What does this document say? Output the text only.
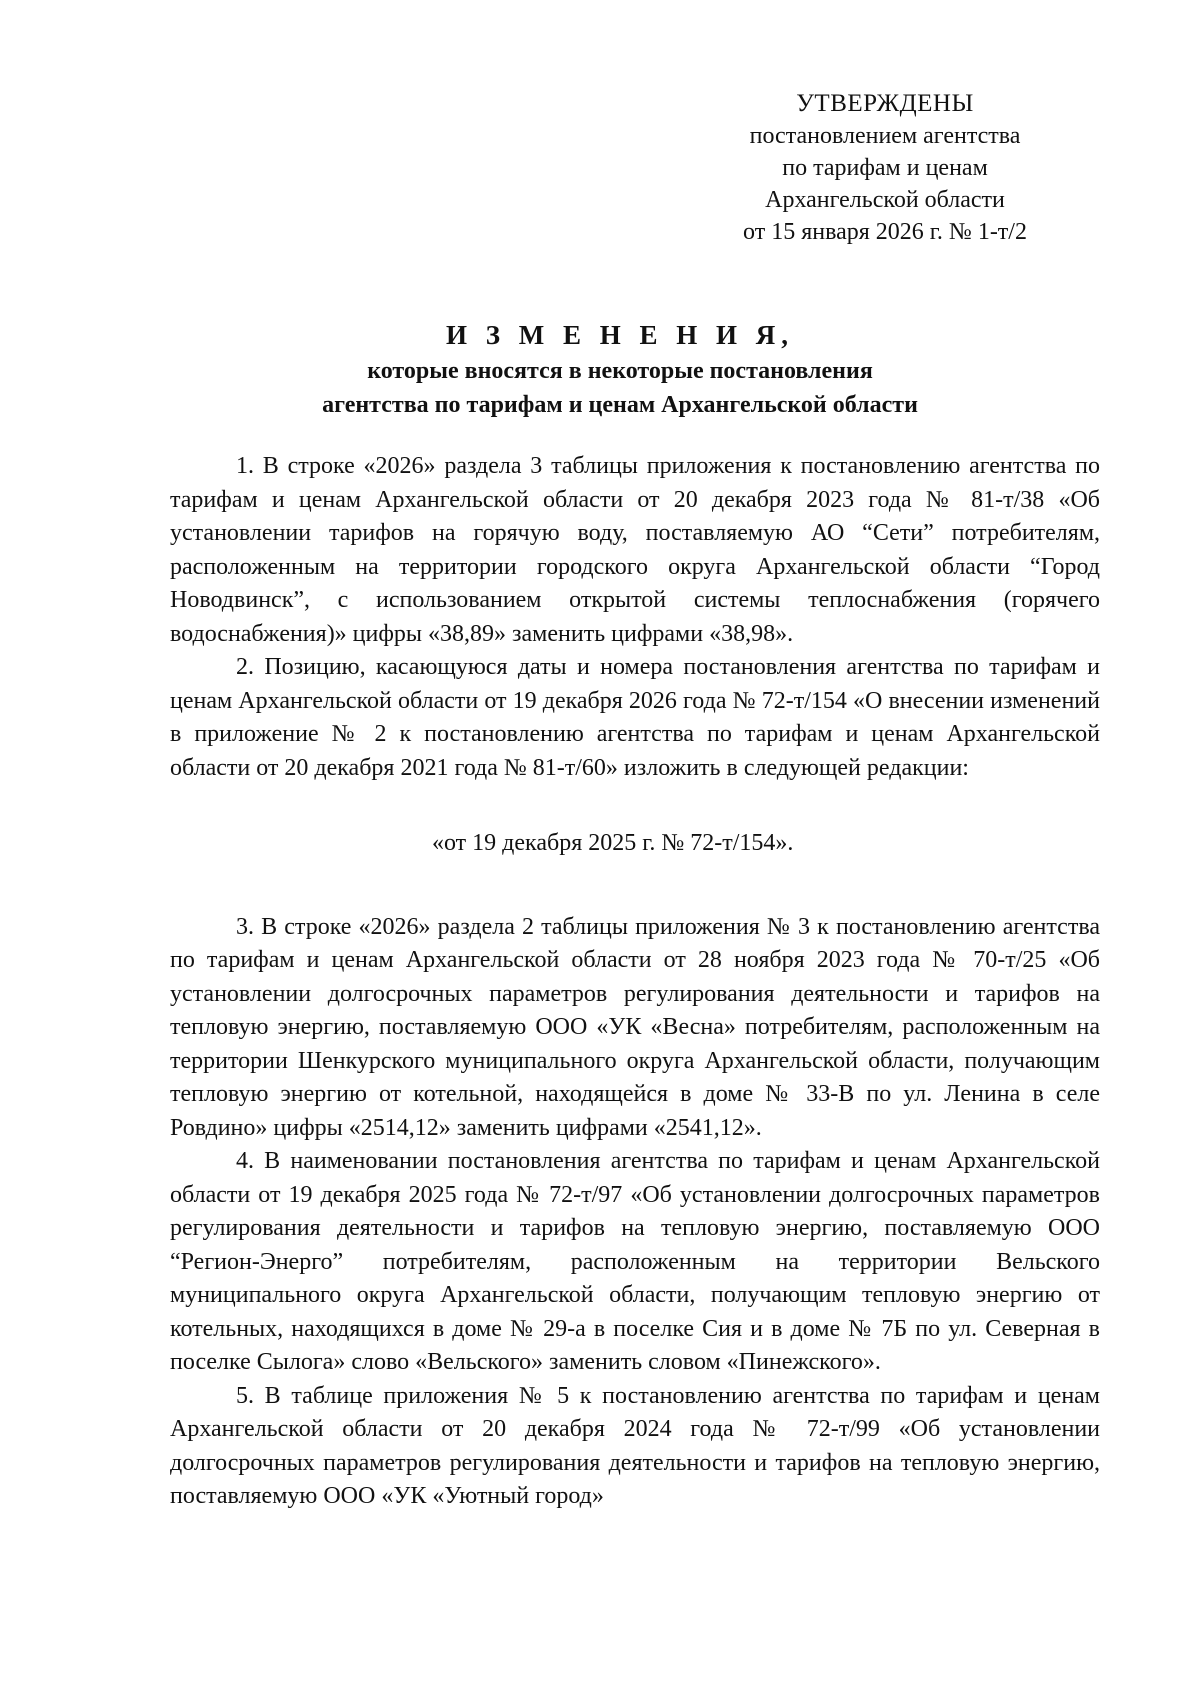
УТВЕРЖДЕНЫ
постановлением агентства
по тарифам и ценам
Архангельской области
от 15 января 2026 г. № 1-т/2
И З М Е Н Е Н И Я,
которые вносятся в некоторые постановления
агентства по тарифам и ценам Архангельской области

1. В строке «2026» раздела 3 таблицы приложения к постановлению агентства по тарифам и ценам Архангельской области от 20 декабря 2023 года № 81-т/38 «Об установлении тарифов на горячую воду, поставляемую АО “Сети” потребителям, расположенным на территории городского округа Архангельской области “Город Новодвинск”, с использованием открытой системы теплоснабжения (горячего водоснабжения)» цифры «38,89» заменить цифрами «38,98».

2. Позицию, касающуюся даты и номера постановления агентства по тарифам и ценам Архангельской области от 19 декабря 2026 года № 72-т/154 «О внесении изменений в приложение № 2 к постановлению агентства по тарифам и ценам Архангельской области от 20 декабря 2021 года № 81-т/60» изложить в следующей редакции:

«от 19 декабря 2025 г. № 72-т/154».

3. В строке «2026» раздела 2 таблицы приложения № 3 к постановлению агентства по тарифам и ценам Архангельской области от 28 ноября 2023 года № 70-т/25 «Об установлении долгосрочных параметров регулирования деятельности и тарифов на тепловую энергию, поставляемую ООО «УК «Весна» потребителям, расположенным на территории Шенкурского муниципального округа Архангельской области, получающим тепловую энергию от котельной, находящейся в доме № 33-В по ул. Ленина в селе Ровдино» цифры «2514,12» заменить цифрами «2541,12».

4. В наименовании постановления агентства по тарифам и ценам Архангельской области от 19 декабря 2025 года № 72-т/97 «Об установлении долгосрочных параметров регулирования деятельности и тарифов на тепловую энергию, поставляемую ООО “Регион-Энерго” потребителям, расположенным на территории Вельского муниципального округа Архангельской области, получающим тепловую энергию от котельных, находящихся в доме № 29-а в поселке Сия и в доме № 7Б по ул. Северная в поселке Сылога» слово «Вельского» заменить словом «Пинежского».

5. В таблице приложения № 5 к постановлению агентства по тарифам и ценам Архангельской области от 20 декабря 2024 года № 72-т/99 «Об установлении долгосрочных параметров регулирования деятельности и тарифов на тепловую энергию, поставляемую ООО «УК «Уютный город»
